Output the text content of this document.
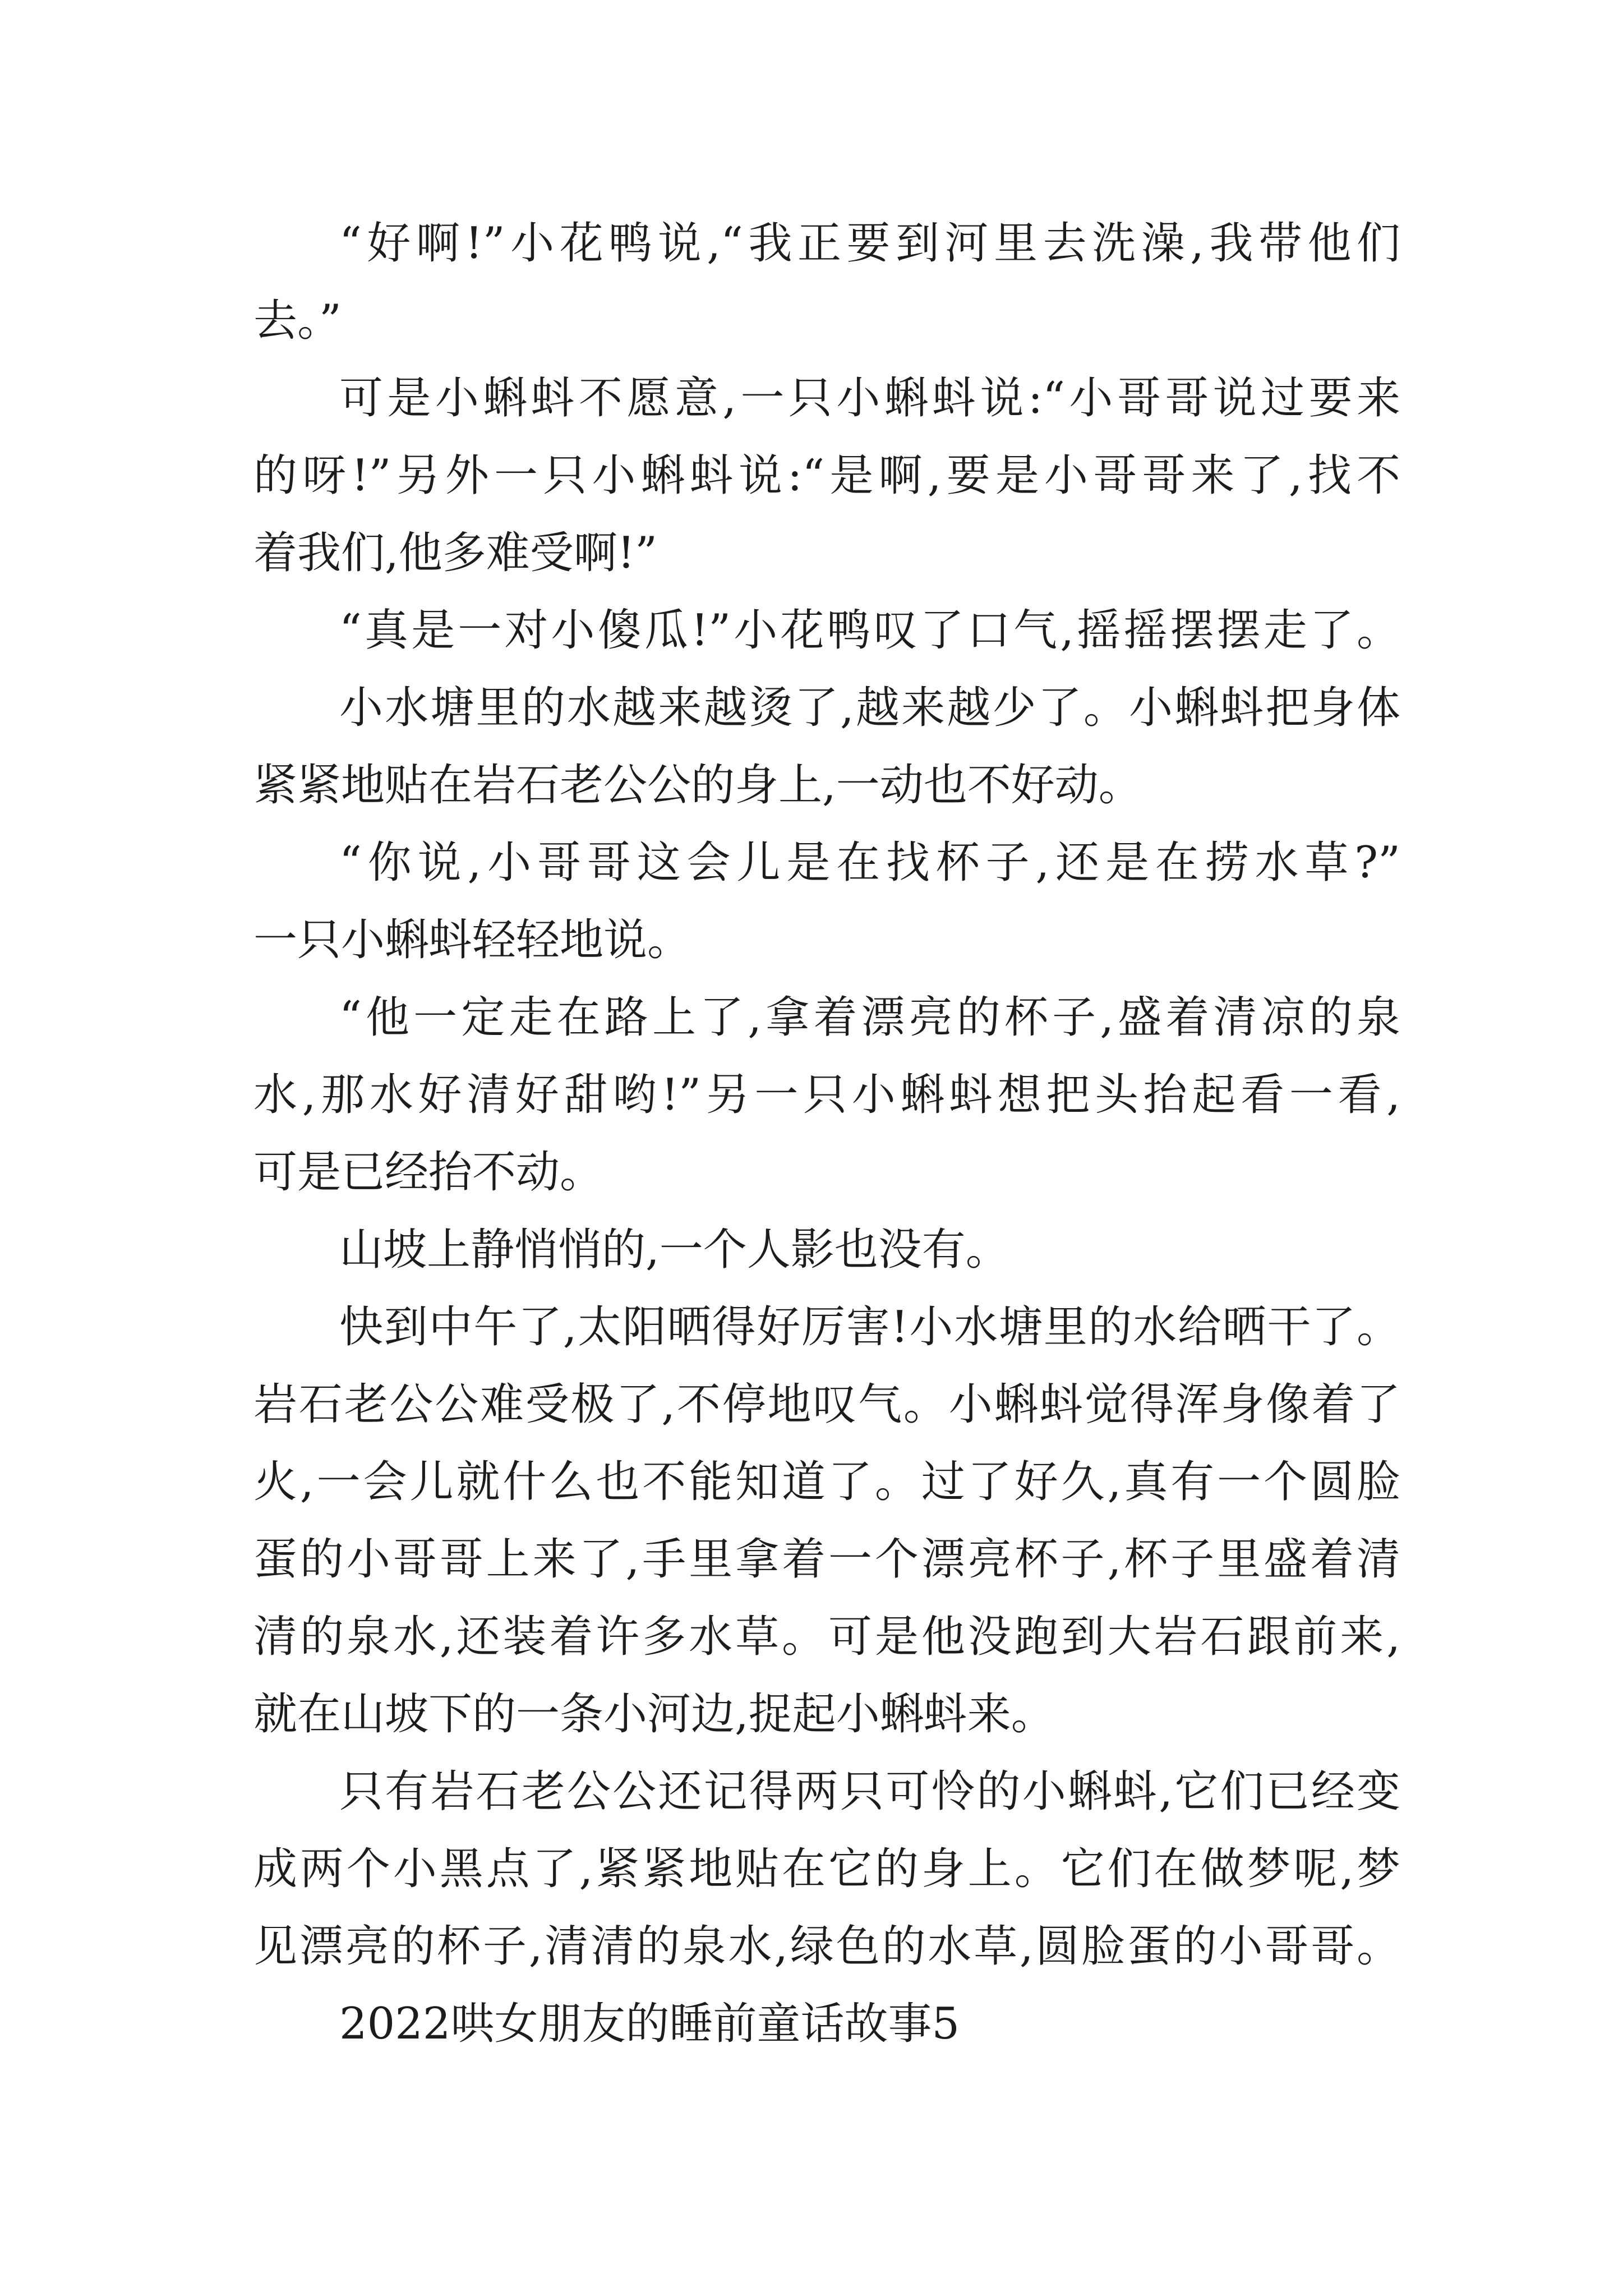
“好啊!”小花鸭说,“我正要到河里去洗澡,我带他们
去。”
可是小蝌蚪不愿意,一只小蝌蚪说:“小哥哥说过要来
的呀!”另外一只小蝌蚪说:“是啊,要是小哥哥来了,找不
着我们,他多难受啊!”
“真是一对小傻瓜!”小花鸭叹了口气,摇摇摆摆走了。
小水塘里的水越来越烫了,越来越少了。小蝌蚪把身体
紧紧地贴在岩石老公公的身上,一动也不好动。
“你说,小哥哥这会儿是在找杯子,还是在捞水草?”
一只小蝌蚪轻轻地说。
“他一定走在路上了,拿着漂亮的杯子,盛着清凉的泉
水,那水好清好甜哟!”另一只小蝌蚪想把头抬起看一看,
可是已经抬不动。
山坡上静悄悄的,一个人影也没有。
快到中午了,太阳晒得好厉害!小水塘里的水给晒干了。
岩石老公公难受极了,不停地叹气。小蝌蚪觉得浑身像着了
火,一会儿就什么也不能知道了。过了好久,真有一个圆脸
蛋的小哥哥上来了,手里拿着一个漂亮杯子,杯子里盛着清
清的泉水,还装着许多水草。可是他没跑到大岩石跟前来,
就在山坡下的一条小河边,捉起小蝌蚪来。
只有岩石老公公还记得两只可怜的小蝌蚪,它们已经变
成两个小黑点了,紧紧地贴在它的身上。它们在做梦呢,梦
见漂亮的杯子,清清的泉水,绿色的水草,圆脸蛋的小哥哥。
2022哄女朋友的睡前童话故事5
